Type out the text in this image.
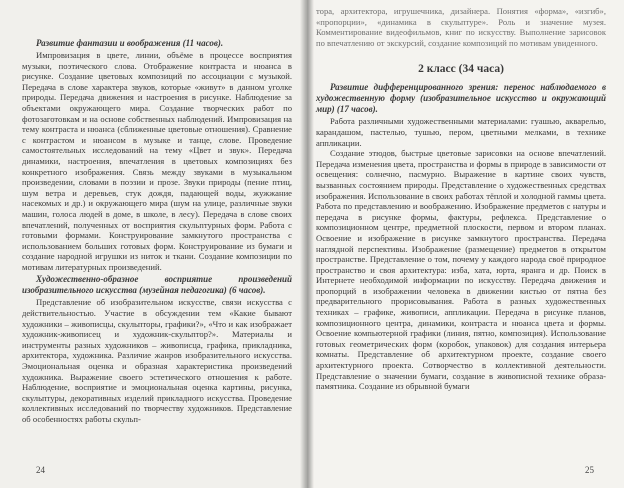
Развитие фантазии и воображения (11 часов).

Импровизация в цвете, линии, объёме в процессе восприятия музыки, поэтического слова. Отображение контраста и нюанса в рисунке. Создание цветовых композиций по ассоциации с музыкой. Передача в слове характера звуков, которые «живут» в данном уголке природы. Передача движения и настроения в рисунке. Наблюдение за объектами окружающего мира. Создание творческих работ по фотозаготовкам и на основе собственных наблюдений. Импровизация на тему контраста и нюанса (сближенные цветовые отношения). Сравнение с контрастом и нюансом в музыке и танце, слове. Проведение самостоятельных исследований на тему «Цвет и звук». Передача динамики, настроения, впечатления в цветовых композициях без конкретного изображения. Связь между звуками в музыкальном произведении, словами в поэзии и прозе. Звуки природы (пение птиц, шум ветра и деревьев, стук дождя, падающей воды, жужжание насекомых и др.) и окружающего мира (шум на улице, различные звуки машин, голоса людей в доме, в школе, в лесу). Передача в слове своих впечатлений, полученных от восприятия скульптурных форм. Работа с готовыми формами. Конструирование замкнутого пространства с использованием больших готовых форм. Конструирование из бумаги и создание народной игрушки из ниток и ткани. Создание композиции по мотивам литературных произведений.

Художественно-образное восприятие произведений изобразительного искусства (музейная педагогика) (6 часов).

Представление об изобразительном искусстве, связи искусства с действительностью. Участие в обсуждении тем «Какие бывают художники – живописцы, скульпторы, графики?», «Что и как изображает художник-живописец и художник-скульптор?». Материалы и инструменты разных художников – живописца, графика, прикладника, архитектора, художника. Различие жанров изобразительного искусства. Эмоциональная оценка и образная характеристика произведений художника. Выражение своего эстетического отношения к работе. Наблюдение, восприятие и эмоциональная оценка картины, рисунка, скульптуры, декоративных изделий прикладного искусства. Проведение коллективных исследований по творчеству художников. Представление об особенностях работы скульп-

24

тора, архитектора, игрушечника, дизайнера. Понятия «форма», «изгиб», «пропорции», «динамика в скульптуре». Роль и значение музея. Комментирование видеофильмов, книг по искусству. Выполнение зарисовок по впечатлению от экскурсий, создание композиций по мотивам увиденного.

2 класс (34 часа)
Развитие дифференцированного зрения: перенос наблюдаемого в художественную форму (изобразительное искусство и окружающий мир) (17 часов).

Работа различными художественными материалами: гуашью, акварелью, карандашом, пастелью, тушью, пером, цветными мелками, в технике аппликации.

Создание этюдов, быстрые цветовые зарисовки на основе впечатлений. Передача изменения цвета, пространства и формы в природе в зависимости от освещения: солнечно, пасмурно. Выражение в картине своих чувств, вызванных состоянием природы. Представление о художественных средствах изображения. Использование в своих работах тёплой и холодной гаммы цвета. Работа по представлению и воображению. Изображение предметов с натуры и передача в рисунке формы, фактуры, рефлекса. Представление о композиционном центре, предметной плоскости, первом и втором планах. Освоение и изображение в рисунке замкнутого пространства. Передача наглядной перспективы. Изображение (размещение) предметов в открытом пространстве. Представление о том, почему у каждого народа своё природное пространство и своя архитектура: изба, хата, юрта, яранга и др. Поиск в Интернете необходимой информации по искусству. Передача движения и пропорций в изображении человека в движении кистью от пятна без предварительного прорисовывания. Работа в разных художественных техниках – графике, живописи, аппликации. Передача в рисунке планов, композиционного центра, динамики, контраста и нюанса цвета и формы. Освоение компьютерной графики (линия, пятно, композиция). Использование готовых геометрических форм (коробок, упаковок) для создания интерьера комнаты. Представление об архитектурном проекте, создание своего архитектурного проекта. Сотворчество в коллективной деятельности. Представление о значении бумаги, создание в живописной технике образа-памятника. Создание из обрывной бумаги

25
